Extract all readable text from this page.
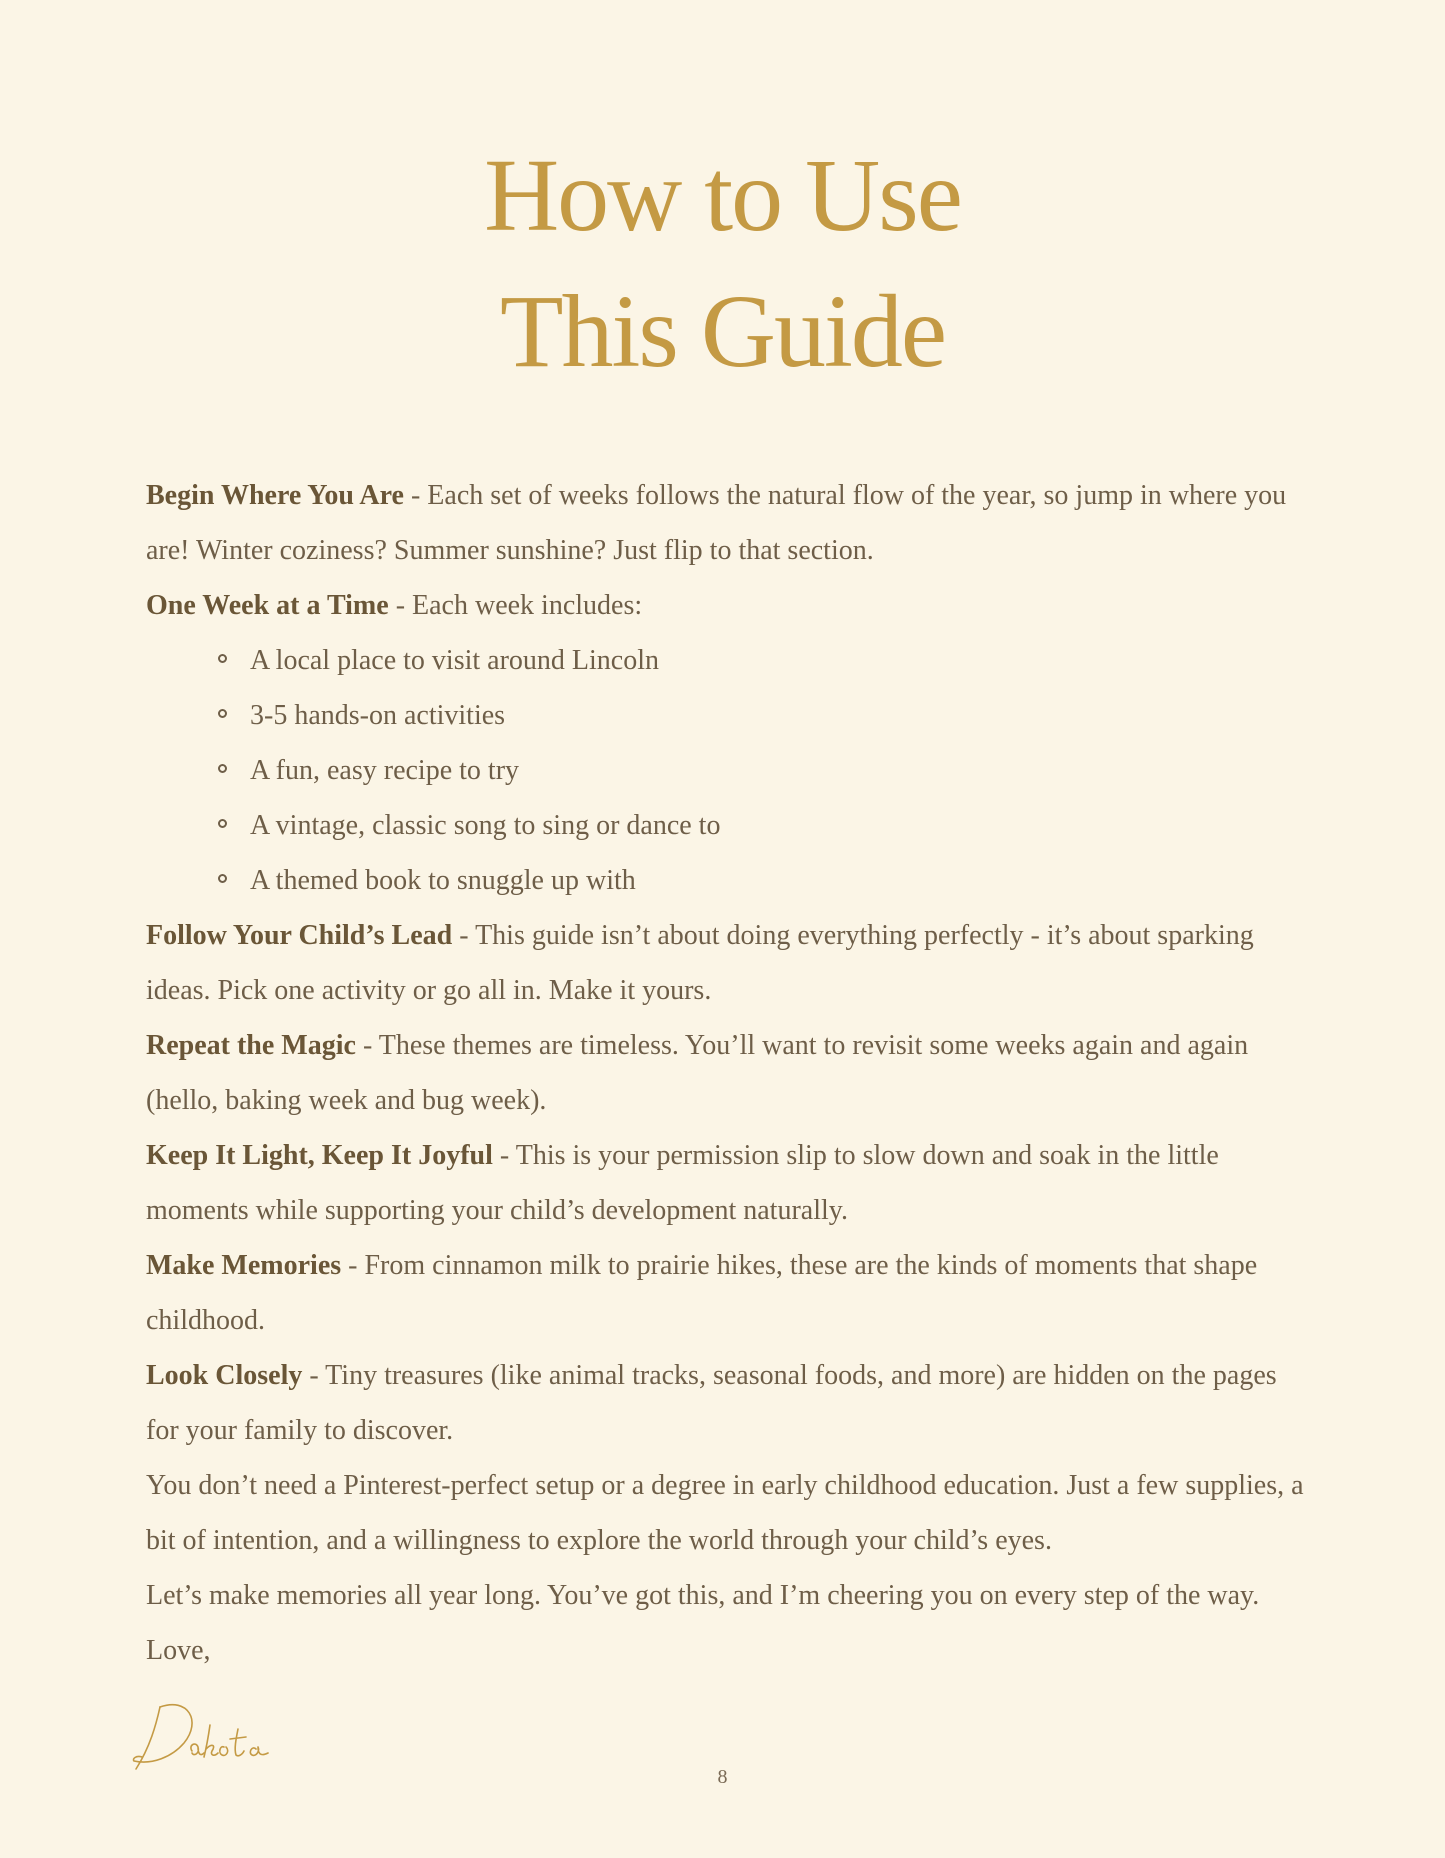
How to Use
This Guide

Begin Where You Are - Each set of weeks follows the natural flow of the year, so jump in where you are! Winter coziness? Summer sunshine? Just flip to that section.

One Week at a Time - Each week includes:

A local place to visit around Lincoln
3-5 hands-on activities
A fun, easy recipe to try
A vintage, classic song to sing or dance to
A themed book to snuggle up with

Follow Your Child’s Lead - This guide isn’t about doing everything perfectly - it’s about sparking ideas. Pick one activity or go all in. Make it yours.

Repeat the Magic - These themes are timeless. You’ll want to revisit some weeks again and again (hello, baking week and bug week).

Keep It Light, Keep It Joyful - This is your permission slip to slow down and soak in the little moments while supporting your child’s development naturally.

Make Memories - From cinnamon milk to prairie hikes, these are the kinds of moments that shape childhood.

Look Closely - Tiny treasures (like animal tracks, seasonal foods, and more) are hidden on the pages for your family to discover.

You don’t need a Pinterest-perfect setup or a degree in early childhood education. Just a few supplies, a bit of intention, and a willingness to explore the world through your child’s eyes.

Let’s make memories all year long. You’ve got this, and I’m cheering you on every step of the way.

Love,

8
